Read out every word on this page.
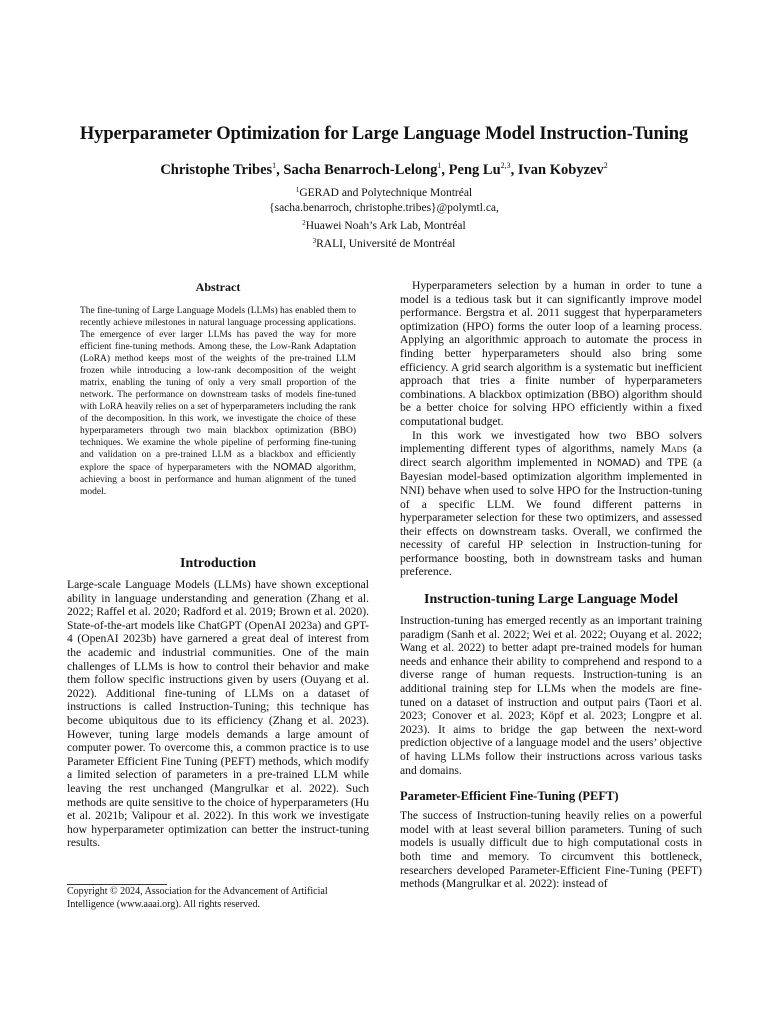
Hyperparameter Optimization for Large Language Model Instruction-Tuning
Christophe Tribes$^1$, Sacha Benarroch-Lelong$^1$, Peng Lu$^{2,3}$, Ivan Kobyzev$^2$
$^1$GERAD and Polytechnique Montréal
{sacha.benarroch, christophe.tribes}@polymtl.ca,
$^2$Huawei Noah’s Ark Lab, Montréal
$^3$RALI, Université de Montréal
Abstract
The fine-tuning of Large Language Models (LLMs) has enabled them to recently achieve milestones in natural language processing applications. The emergence of ever larger LLMs has paved the way for more efficient fine-tuning methods. Among these, the Low-Rank Adaptation (LoRA) method keeps most of the weights of the pre-trained LLM frozen while introducing a low-rank decomposition of the weight matrix, enabling the tuning of only a very small proportion of the network. The performance on downstream tasks of models fine-tuned with LoRA heavily relies on a set of hyperparameters including the rank of the decomposition. In this work, we investigate the choice of these hyperparameters through two main blackbox optimization (BBO) techniques. We examine the whole pipeline of performing fine-tuning and validation on a pre-trained LLM as a blackbox and efficiently explore the space of hyperparameters with the NOMAD algorithm, achieving a boost in performance and human alignment of the tuned model.
Introduction

Large-scale Language Models (LLMs) have shown exceptional ability in language understanding and generation (Zhang et al. 2022; Raffel et al. 2020; Radford et al. 2019; Brown et al. 2020). State-of-the-art models like ChatGPT (OpenAI 2023a) and GPT-4 (OpenAI 2023b) have garnered a great deal of interest from the academic and industrial communities. One of the main challenges of LLMs is how to control their behavior and make them follow specific instructions given by users (Ouyang et al. 2022). Additional fine-tuning of LLMs on a dataset of instructions is called Instruction-Tuning; this technique has become ubiquitous due to its efficiency (Zhang et al. 2023). However, tuning large models demands a large amount of computer power. To overcome this, a common practice is to use Parameter Efficient Fine Tuning (PEFT) methods, which modify a limited selection of parameters in a pre-trained LLM while leaving the rest unchanged (Mangrulkar et al. 2022). Such methods are quite sensitive to the choice of hyperparameters (Hu et al. 2021b; Valipour et al. 2022). In this work we investigate how hyperparameter optimization can better the instruct-tuning results.

Copyright © 2024, Association for the Advancement of Artificial Intelligence (www.aaai.org). All rights reserved.

Hyperparameters selection by a human in order to tune a model is a tedious task but it can significantly improve model performance. Bergstra et al. 2011 suggest that hyperparameters optimization (HPO) forms the outer loop of a learning process. Applying an algorithmic approach to automate the process in finding better hyperparameters should also bring some efficiency. A grid search algorithm is a systematic but inefficient approach that tries a finite number of hyperparameters combinations. A blackbox optimization (BBO) algorithm should be a better choice for solving HPO efficiently within a fixed computational budget.

In this work we investigated how two BBO solvers implementing different types of algorithms, namely Mads (a direct search algorithm implemented in NOMAD) and TPE (a Bayesian model-based optimization algorithm implemented in NNI) behave when used to solve HPO for the Instruction-tuning of a specific LLM. We found different patterns in hyperparameter selection for these two optimizers, and assessed their effects on downstream tasks. Overall, we confirmed the necessity of careful HP selection in Instruction-tuning for performance boosting, both in downstream tasks and human preference.

Instruction-tuning Large Language Model

Instruction-tuning has emerged recently as an important training paradigm (Sanh et al. 2022; Wei et al. 2022; Ouyang et al. 2022; Wang et al. 2022) to better adapt pre-trained models for human needs and enhance their ability to comprehend and respond to a diverse range of human requests. Instruction-tuning is an additional training step for LLMs when the models are fine-tuned on a dataset of instruction and output pairs (Taori et al. 2023; Conover et al. 2023; Köpf et al. 2023; Longpre et al. 2023). It aims to bridge the gap between the next-word prediction objective of a language model and the users’ objective of having LLMs follow their instructions across various tasks and domains.

Parameter-Efficient Fine-Tuning (PEFT)

The success of Instruction-tuning heavily relies on a powerful model with at least several billion parameters. Tuning of such models is usually difficult due to high computational costs in both time and memory. To circumvent this bottleneck, researchers developed Parameter-Efficient Fine-Tuning (PEFT) methods (Mangrulkar et al. 2022): instead of
